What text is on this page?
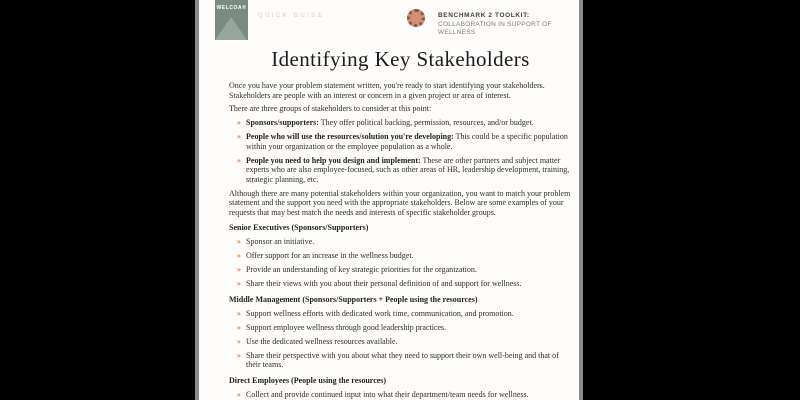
WELCOA®
QUICK GUIDE	BENCHMARK 2 TOOLKIT:
COLLABORATION IN SUPPORT OF WELLNESS
Identifying Key Stakeholders

Once you have your problem statement written, you're ready to start identifying your stakeholders. Stakeholders are people with an interest or concern in a given project or area of interest.

There are three groups of stakeholders to consider at this point:

» Sponsors/supporters: They offer political backing, permission, resources, and/or budget.
» People who will use the resources/solution you're developing: This could be a specific population within your organization or the employee population as a whole.
» People you need to help you design and implement: These are other partners and subject matter experts who are also employee-focused, such as other areas of HR, leadership development, training, strategic planning, etc.

Although there are many potential stakeholders within your organization, you want to match your problem statement and the support you need with the appropriate stakeholders. Below are some examples of your requests that may best match the needs and interests of specific stakeholder groups.

Senior Executives (Sponsors/Supporters)
» Sponsor an initiative.
» Offer support for an increase in the wellness budget.
» Provide an understanding of key strategic priorities for the organization.
» Share their views with you about their personal definition of and support for wellness.
Middle Management (Sponsors/Supporters + People using the resources)
» Support wellness efforts with dedicated work time, communication, and promotion.
» Support employee wellness through good leadership practices.
» Use the dedicated wellness resources available.
» Share their perspective with you about what they need to support their own well-being and that of their teams.
Direct Employees (People using the resources)
» Collect and provide continued input into what their department/team needs for wellness.
